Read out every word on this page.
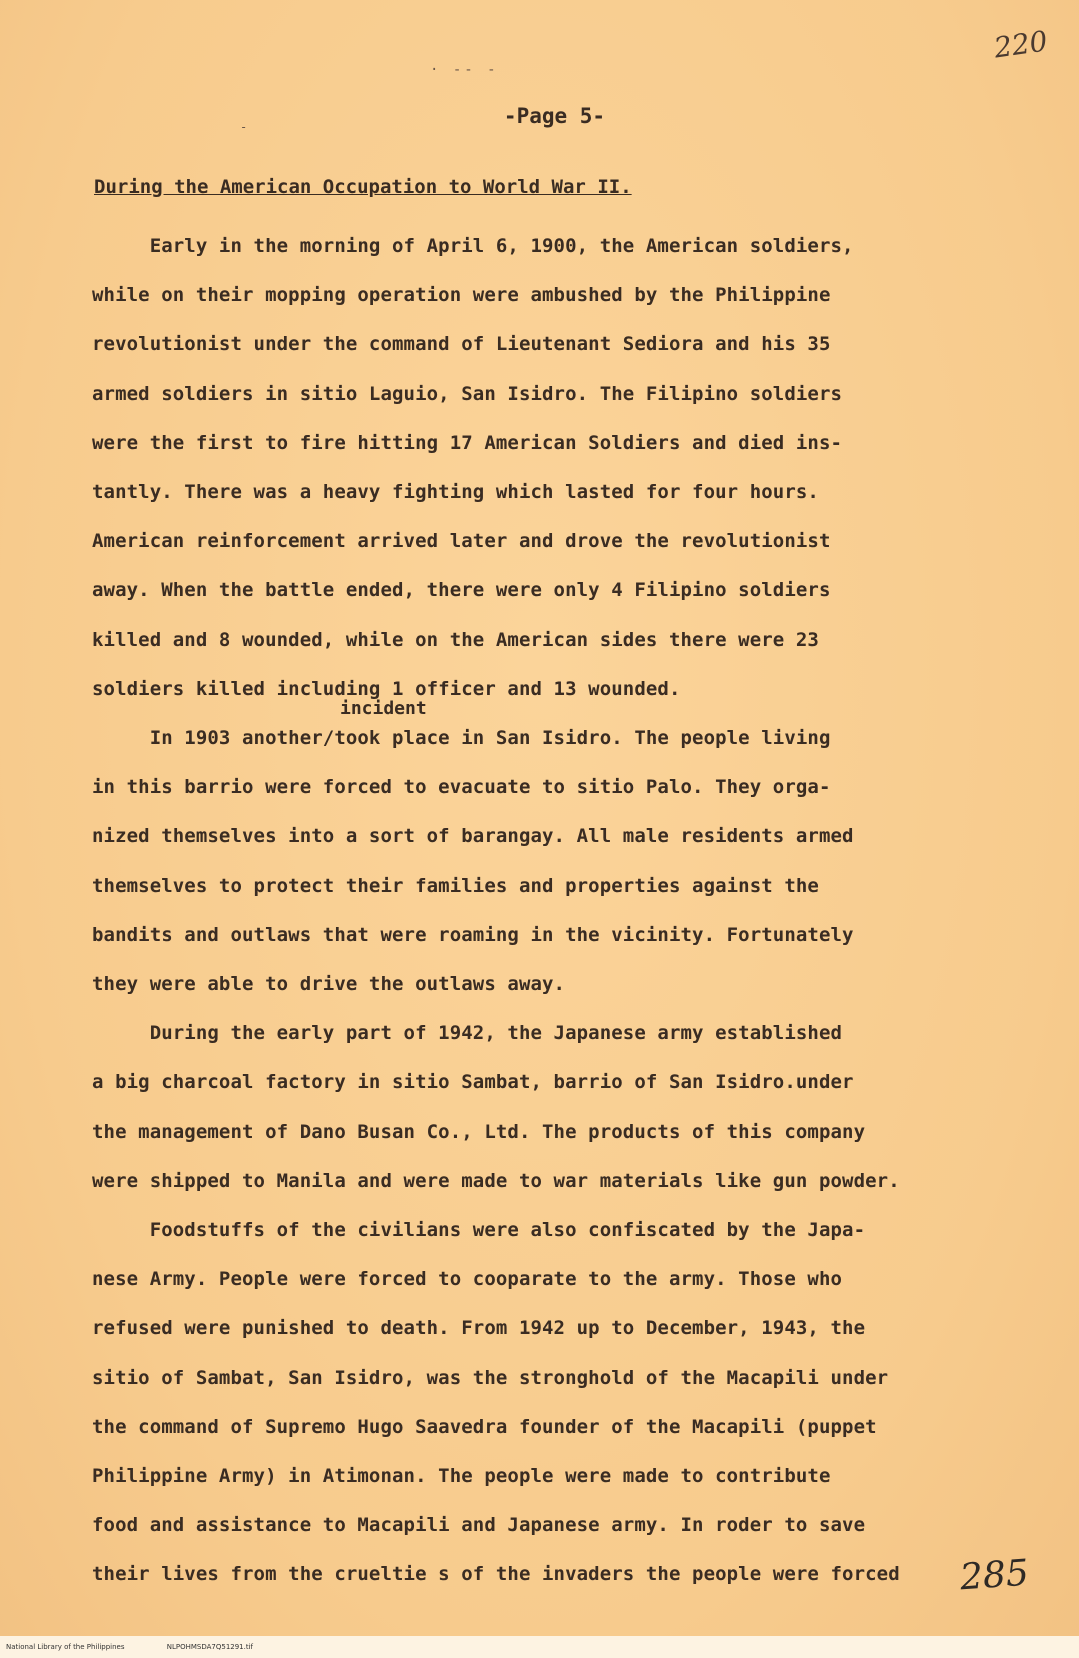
220
· -- -
-Page 5-
-
During the American Occupation to World War II.
incident
Early in the morning of April 6, 1900, the American soldiers,
while on their mopping operation were ambushed by the Philippine
revolutionist under the command of Lieutenant Sediora and his 35
armed soldiers in sitio Laguio, San Isidro. The Filipino soldiers
were the first to fire hitting 17 American Soldiers and died ins-
tantly. There was a heavy fighting which lasted for four hours.
American reinforcement arrived later and drove the revolutionist
away. When the battle ended, there were only 4 Filipino soldiers
killed and 8 wounded, while on the American sides there were 23
soldiers killed including 1 officer and 13 wounded.
In 1903 another/took place in San Isidro. The people living
in this barrio were forced to evacuate to sitio Palo. They orga-
nized themselves into a sort of barangay. All male residents armed
themselves to protect their families and properties against the
bandits and outlaws that were roaming in the vicinity. Fortunately
they were able to drive the outlaws away.
During the early part of 1942, the Japanese army established
a big charcoal factory in sitio Sambat, barrio of San Isidro.under
the management of Dano Busan Co., Ltd. The products of this company
were shipped to Manila and were made to war materials like gun powder.
Foodstuffs of the civilians were also confiscated by the Japa-
nese Army. People were forced to cooparate to the army. Those who
refused were punished to death. From 1942 up to December, 1943, the
sitio of Sambat, San Isidro, was the stronghold of the Macapili under
the command of Supremo Hugo Saavedra founder of the Macapili (puppet
Philippine Army) in Atimonan. The people were made to contribute
food and assistance to Macapili and Japanese army. In roder to save
their lives from the crueltie s of the invaders the people were forced	285
National Library of the Philippines	NLPOHMSDA7Q51291.tif
